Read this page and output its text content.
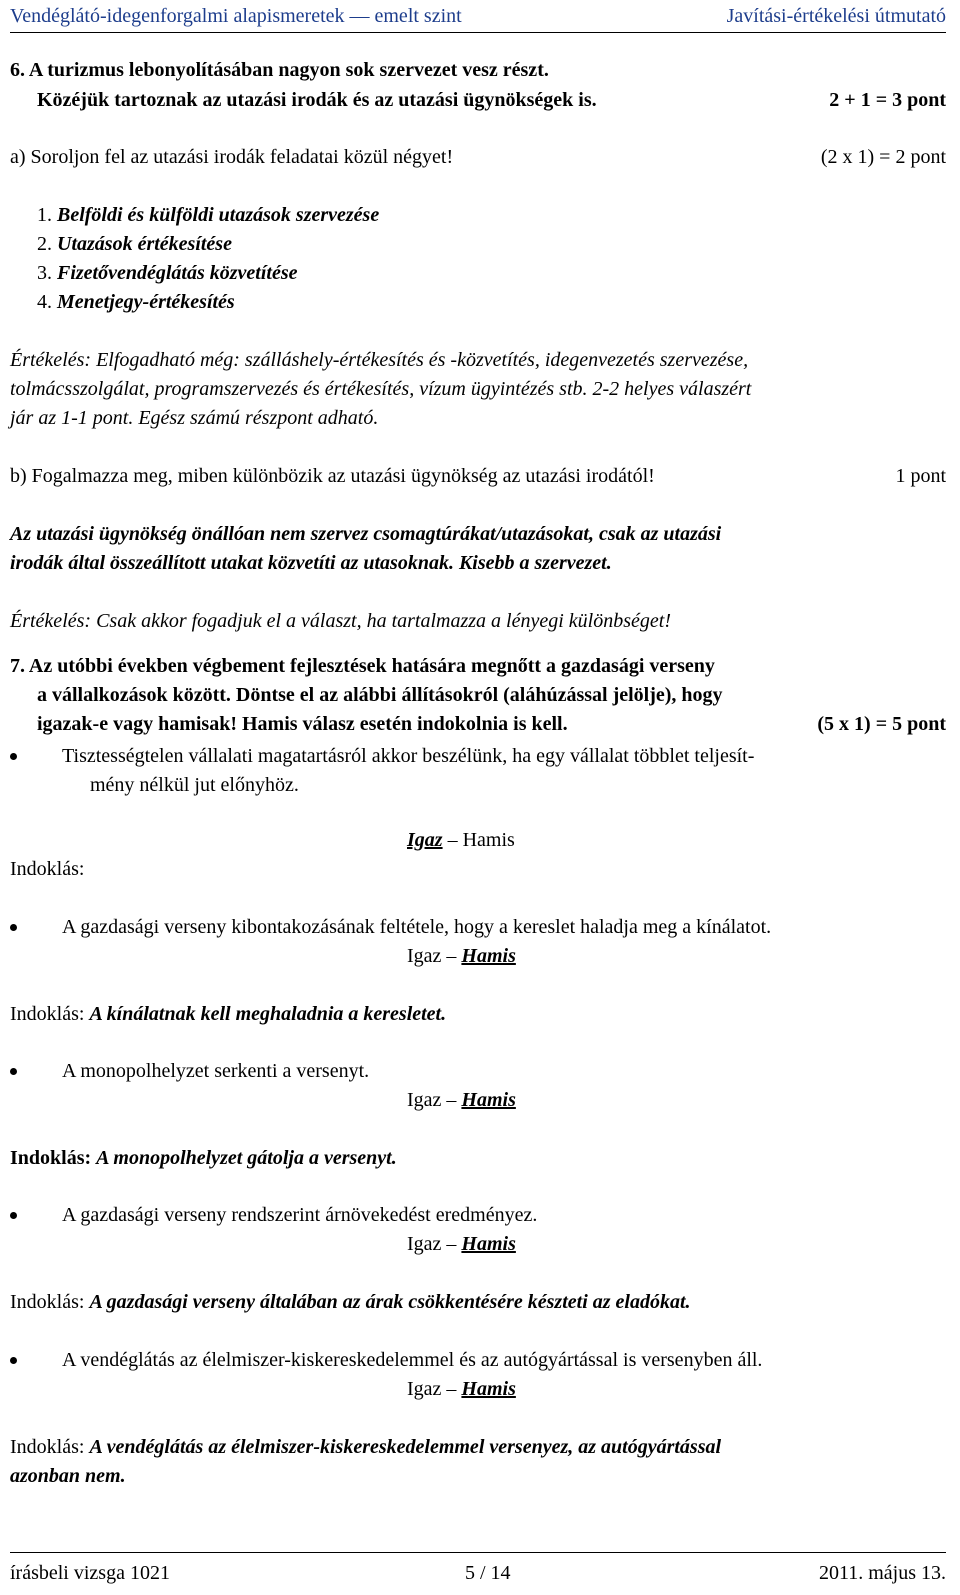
Vendéglátó-idegenforgalmi alapismeretek — emelt szint	Javítási-értékelési útmutató
6. A turizmus lebonyolításában nagyon sok szervezet vesz részt.
Közéjük tartoznak az utazási irodák és az utazási ügynökségek is.	2 + 1 = 3 pont
a) Soroljon fel az utazási irodák feladatai közül négyet!	(2 x 1) = 2 pont
1. Belföldi és külföldi utazások szervezése
2. Utazások értékesítése
3. Fizetővendéglátás közvetítése
4. Menetjegy-értékesítés
Értékelés: Elfogadható még: szálláshely-értékesítés és -közvetítés, idegenvezetés szervezése,
tolmácsszolgálat, programszervezés és értékesítés, vízum ügyintézés stb. 2-2 helyes válaszért
jár az 1-1 pont. Egész számú részpont adható.
b) Fogalmazza meg, miben különbözik az utazási ügynökség az utazási irodától!	1 pont
Az utazási ügynökség önállóan nem szervez csomagtúrákat/utazásokat, csak az utazási
irodák által összeállított utakat közvetíti az utasoknak. Kisebb a szervezet.
Értékelés: Csak akkor fogadjuk el a választ, ha tartalmazza a lényegi különbséget!
7. Az utóbbi években végbement fejlesztések hatására megnőtt a gazdasági verseny
a vállalkozások között. Döntse el az alábbi állításokról (aláhúzással jelölje), hogy
igazak-e vagy hamisak! Hamis válasz esetén indokolnia is kell.	(5 x 1) = 5 pont
Tisztességtelen vállalati magatartásról akkor beszélünk, ha egy vállalat többlet teljesít-
mény nélkül jut előnyhöz.
Igaz – Hamis
Indoklás:
A gazdasági verseny kibontakozásának feltétele, hogy a kereslet haladja meg a kínálatot.
Igaz – Hamis
Indoklás: A kínálatnak kell meghaladnia a keresletet.
A monopolhelyzet serkenti a versenyt.
Igaz – Hamis
Indoklás: A monopolhelyzet gátolja a versenyt.
A gazdasági verseny rendszerint árnövekedést eredményez.
Igaz – Hamis
Indoklás: A gazdasági verseny általában az árak csökkentésére készteti az eladókat.
A vendéglátás az élelmiszer-kiskereskedelemmel és az autógyártással is versenyben áll.
Igaz – Hamis
Indoklás: A vendéglátás az élelmiszer-kiskereskedelemmel versenyez, az autógyártással
azonban nem.
írásbeli vizsga 1021	5 / 14	2011. május 13.
